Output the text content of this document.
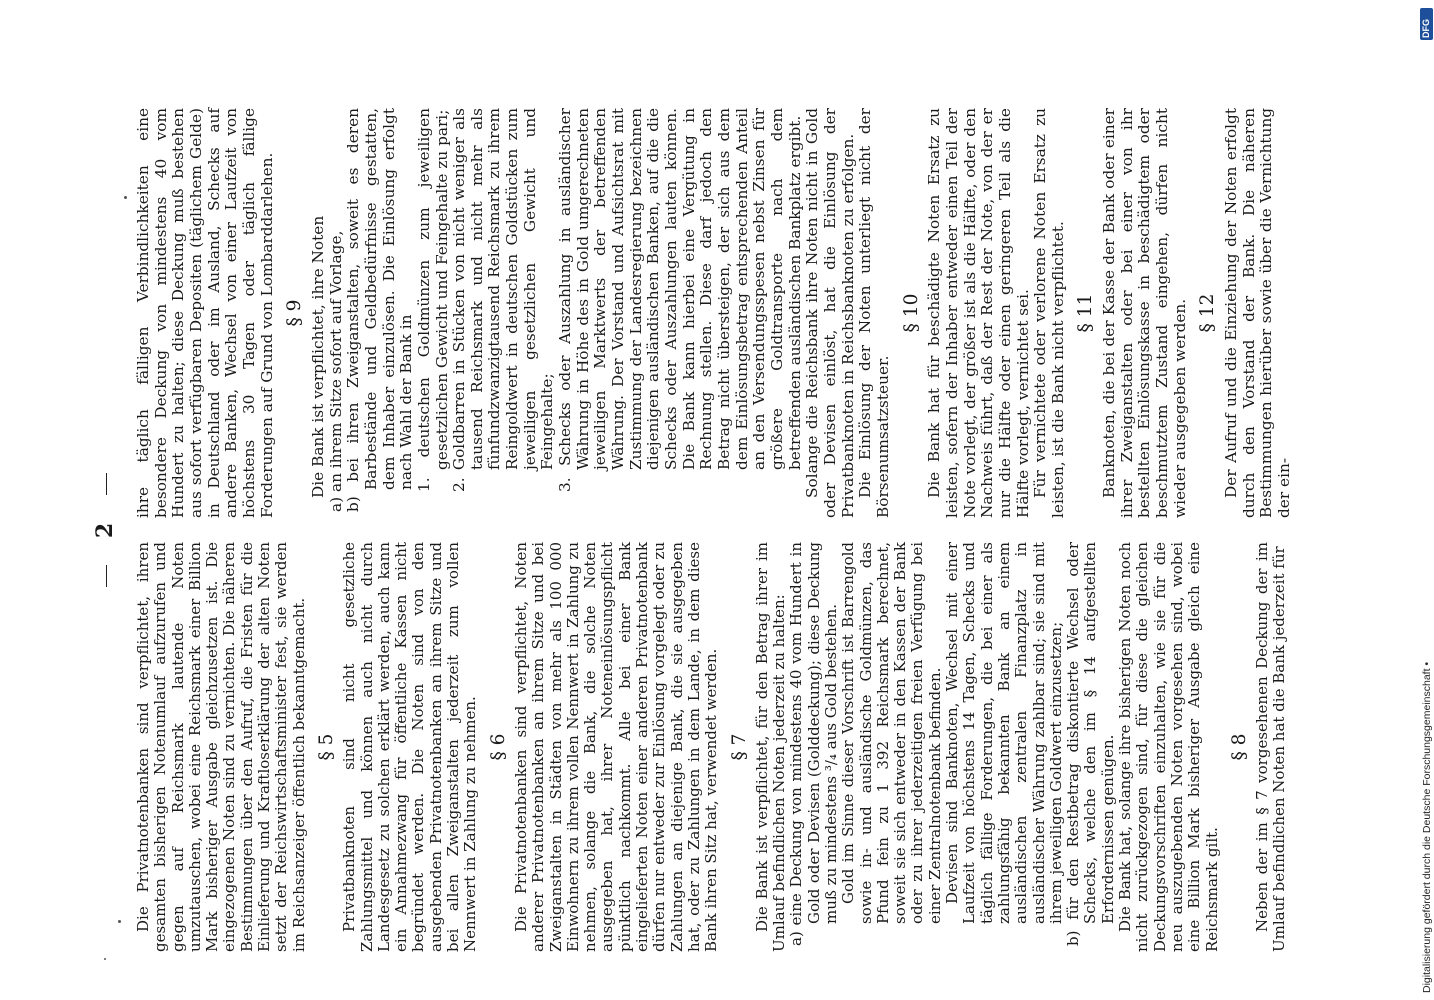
2

Die Privatnotenbanken sind verpflichtet, ihren gesamten bisherigen Notenumlauf aufzurufen und gegen auf Reichsmark lautende Noten umzutauschen, wobei eine Reichsmark einer Billion Mark bisheriger Ausgabe gleichzusetzen ist. Die eingezogenen Noten sind zu vernichten. Die näheren Bestimmungen über den Aufruf, die Fristen für die Einlieferung und Kraftloserklärung der alten Noten setzt der Reichswirtschaftsminister fest, sie werden im Reichsanzeiger öffentlich bekanntgemacht. § 5 Privatbanknoten sind nicht gesetzliche Zahlungsmittel und können auch nicht durch Landesgesetz zu solchen erklärt werden, auch kann ein Annahmezwang für öffentliche Kassen nicht begründet werden. Die Noten sind von den ausgebenden Privatnotenbanken an ihrem Sitze und bei allen Zweiganstalten jederzeit zum vollen Nennwert in Zahlung zu nehmen. § 6 Die Privatnotenbanken sind verpflichtet, Noten anderer Privatnotenbanken an ihrem Sitze und bei Zweiganstalten in Städten von mehr als 100 000 Einwohnern zu ihrem vollen Nennwert in Zahlung zu nehmen, solange die Bank, die solche Noten ausgegeben hat, ihrer Noteneinlösungspflicht pünktlich nachkommt. Alle bei einer Bank eingelieferten Noten einer anderen Privatnotenbank dürfen nur entweder zur Einlösung vorgelegt oder zu Zahlungen an diejenige Bank, die sie ausgegeben hat, oder zu Zahlungen in dem Lande, in dem diese Bank ihren Sitz hat, verwendet werden. § 7 Die Bank ist verpflichtet, für den Betrag ihrer im Umlauf befindlichen Noten jederzeit zu halten: a) eine Deckung von mindestens 40 vom Hundert in Gold oder Devisen (Golddeckung); diese Deckung muß zu mindestens ³/₄ aus Gold bestehen. Gold im Sinne dieser Vorschrift ist Barrengold sowie in- und ausländische Goldmünzen, das Pfund fein zu 1 392 Reichsmark berechnet, soweit sie sich entweder in den Kassen der Bank oder zu ihrer jederzeitigen freien Verfügung bei einer Zentralnotenbank befinden. Devisen sind Banknoten, Wechsel mit einer Laufzeit von höchstens 14 Tagen, Schecks und täglich fällige Forderungen, die bei einer als zahlungsfähig bekannten Bank an einem ausländischen zentralen Finanzplatz in ausländischer Währung zahlbar sind; sie sind mit ihrem jeweiligen Goldwert einzusetzen; b) für den Restbetrag diskontierte Wechsel oder Schecks, welche den im § 14 aufgestellten Erfordernissen genügen. Die Bank hat, solange ihre bisherigen Noten noch nicht zurückgezogen sind, für diese die gleichen Deckungsvorschriften einzuhalten, wie sie für die neu auszugebenden Noten vorgesehen sind, wobei eine Billion Mark bisheriger Ausgabe gleich eine Reichsmark gilt.

§ 8 Neben der im § 7 vorgesehenen Deckung der im Umlauf befindlichen Noten hat die Bank jederzeit für

ihre täglich fälligen Verbindlichkeiten eine besondere Deckung von mindestens 40 vom Hundert zu halten; diese Deckung muß bestehen aus sofort verfügbaren Depositen (täglichem Gelde) in Deutschland oder im Ausland, Schecks auf andere Banken, Wechsel von einer Laufzeit von höchstens 30 Tagen oder täglich fällige Forderungen auf Grund von Lombarddarlehen. § 9 Die Bank ist verpflichtet, ihre Noten a) an ihrem Sitze sofort auf Vorlage, b) bei ihren Zweiganstalten, soweit es deren Barbestände und Geldbedürfnisse gestatten, dem Inhaber einzulösen. Die Einlösung erfolgt nach Wahl der Bank in 1. deutschen Goldmünzen zum jeweiligen gesetzlichen Gewicht und Feingehalte zu pari; 2. Goldbarren in Stücken von nicht weniger als tausend Reichsmark und nicht mehr als fünfundzwanzigtausend Reichsmark zu ihrem Reingoldwert in deutschen Goldstücken zum jeweiligen gesetzlichen Gewicht und Feingehalte; 3. Schecks oder Auszahlung in ausländischer Währung in Höhe des in Gold umgerechneten jeweiligen Marktwerts der betreffenden Währung. Der Vorstand und Aufsichtsrat mit Zustimmung der Landesregierung bezeichnen diejenigen ausländischen Banken, auf die die Schecks oder Auszahlungen lauten können. Die Bank kann hierbei eine Vergütung in Rechnung stellen. Diese darf jedoch den Betrag nicht übersteigen, der sich aus dem dem Einlösungsbetrag entsprechenden Anteil an den Versendungsspesen nebst Zinsen für größere Goldtransporte nach dem betreffenden ausländischen Bankplatz ergibt. Solange die Reichsbank ihre Noten nicht in Gold oder Devisen einlöst, hat die Einlösung der Privatbanknoten in Reichsbanknoten zu erfolgen. Die Einlösung der Noten unterliegt nicht der Börsenumsatzsteuer.

§ 10 Die Bank hat für beschädigte Noten Ersatz zu leisten, sofern der Inhaber entweder einen Teil der Note vorlegt, der größer ist als die Hälfte, oder den Nachweis führt, daß der Rest der Note, von der er nur die Hälfte oder einen geringeren Teil als die Hälfte vorlegt, vernichtet sei. Für vernichtete oder verlorene Noten Ersatz zu leisten, ist die Bank nicht verpflichtet. § 11 Banknoten, die bei der Kasse der Bank oder einer ihrer Zweiganstalten oder bei einer von ihr bestellten Einlösungskasse in beschädigtem oder beschmutztem Zustand eingehen, dürfen nicht wieder ausgegeben werden. § 12 Der Aufruf und die Einziehung der Noten erfolgt durch den Vorstand der Bank. Die näheren Bestimmungen hierüber sowie über die Vernichtung der ein-

Digitalisierung gefördert durch die Deutsche Forschungsgemeinschaft •
DFG
